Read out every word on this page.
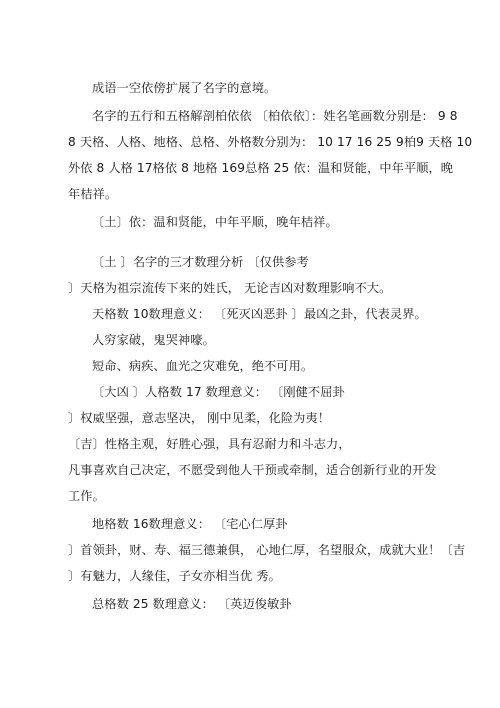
成语一空依傍扩展了名字的意境。
名字的五行和五格解剖柏依依 〔柏依依〕：姓名笔画数分别是： 9 8
8 天格、人格、地格、总格、外格数分别为： 10 17 16 25 9柏9 天格 10
外依 8 人格 17格依 8 地格 169总格 25 依：温和贤能，中年平顺，晚
年桔祥。
〔土〕依：温和贤能，中年平顺，晚年桔祥。
〔土 〕名字的三才数理分析 〔仅供参考
〕天格为祖宗流传下来的姓氏， 无论吉凶对数理影响不大。
天格数 10数理意义： 〔死灭凶恶卦 〕最凶之卦，代表灵界。
人穷家破，鬼哭神嚎。
短命、病疾、血光之灾难免，绝不可用。
〔大凶 〕人格数 17 数理意义： 〔刚健不屈卦
〕权威坚强，意志坚决， 刚中见柔，化险为夷！
〔吉〕性格主观，好胜心强，具有忍耐力和斗志力，
凡事喜欢自己决定，不愿受到他人干预或牵制，适合创新行业的开发
工作。
地格数 16数理意义： 〔宅心仁厚卦
〕首领卦，财、寿、福三德兼俱， 心地仁厚，名望服众，成就大业！〔吉
〕有魅力，人缘佳，子女亦相当优 秀。
总格数 25 数理意义： 〔英迈俊敏卦
